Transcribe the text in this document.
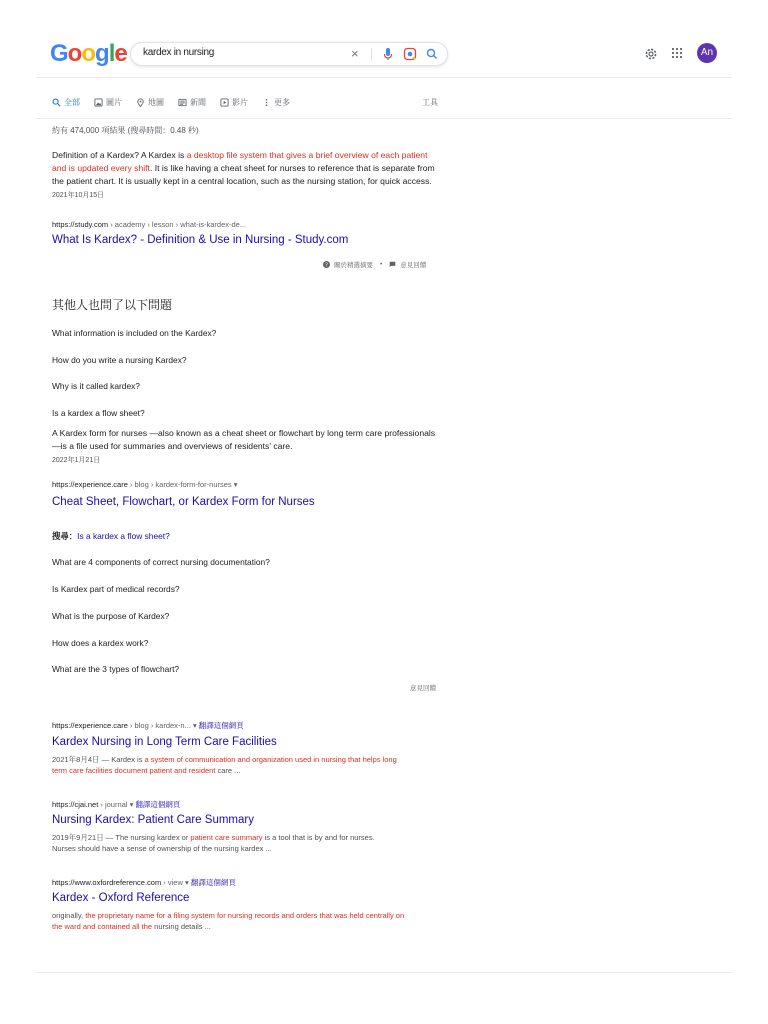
Google kardex in nursing	×	An
全部	圖片	地圖	新聞	影片	更多	工具
約有 474,000 項結果 (搜尋時間：0.48 秒)
Definition of a Kardex? A Kardex is a desktop file system that gives a brief overview of each patient and is updated every shift. It is like having a cheat sheet for nurses to reference that is separate from the patient chart. It is usually kept in a central location, such as the nursing station, for quick access. 2021年10月15日
https://study.com › academy › lesson › what-is-kardex-de...
What Is Kardex? - Definition & Use in Nursing - Study.com
? 關於精選摘要 •	意見回饋
其他人也問了以下問題
What information is included on the Kardex?
How do you write a nursing Kardex?
Why is it called kardex?
Is a kardex a flow sheet?
A Kardex form for nurses —also known as a cheat sheet or flowchart by long term care professionals—is a file used for summaries and overviews of residents' care.
2022年1月21日
https://experience.care › blog › kardex-form-for-nurses ▾
Cheat Sheet, Flowchart, or Kardex Form for Nurses
搜尋：Is a kardex a flow sheet?
What are 4 components of correct nursing documentation?
Is Kardex part of medical records?
What is the purpose of Kardex?
How does a kardex work?
What are the 3 types of flowchart?
意見回饋
https://experience.care › blog › kardex-n... ▾ 翻譯這個網頁
Kardex Nursing in Long Term Care Facilities
2021年8月4日 — Kardex is a system of communication and organization used in nursing that helps long term care facilities document patient and resident care ...
https://cjai.net › journal ▾ 翻譯這個網頁
Nursing Kardex: Patient Care Summary
2019年9月21日 — The nursing kardex or patient care summary is a tool that is by and for nurses. Nurses should have a sense of ownership of the nursing kardex ...
https://www.oxfordreference.com › view ▾ 翻譯這個網頁
Kardex - Oxford Reference
originally, the proprietary name for a filing system for nursing records and orders that was held centrally on the ward and contained all the nursing details ...
